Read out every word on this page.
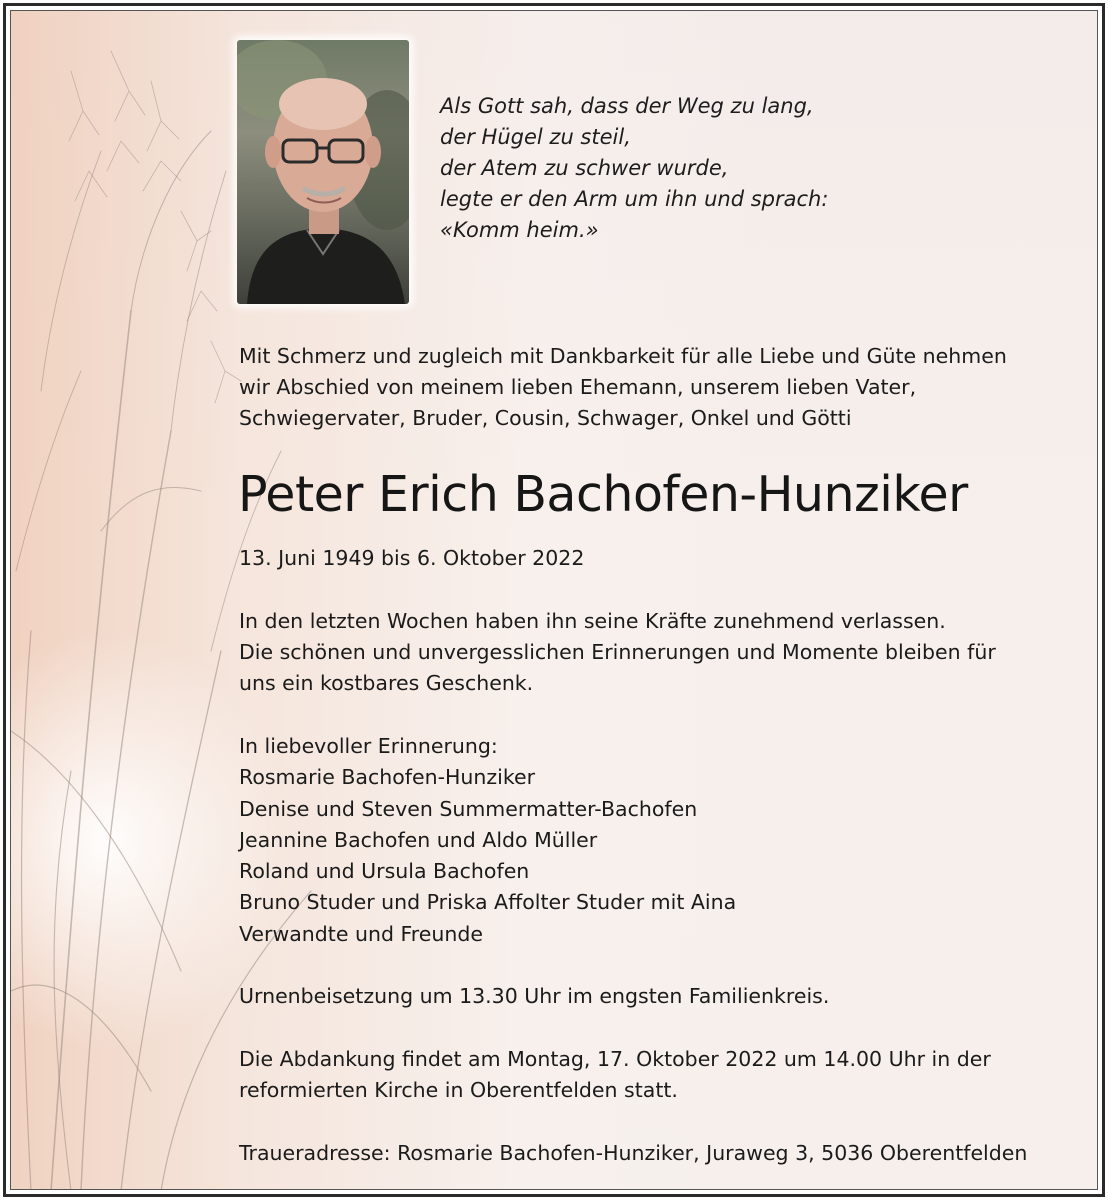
Als Gott sah, dass der Weg zu lang,
der Hügel zu steil,
der Atem zu schwer wurde,
legte er den Arm um ihn und sprach:
«Komm heim.»

Mit Schmerz und zugleich mit Dankbarkeit für alle Liebe und Güte nehmen
wir Abschied von meinem lieben Ehemann, unserem lieben Vater,
Schwiegervater, Bruder, Cousin, Schwager, Onkel und Götti

Peter Erich Bachofen-Hunziker

13. Juni 1949 bis 6. Oktober 2022

In den letzten Wochen haben ihn seine Kräfte zunehmend verlassen.
Die schönen und unvergesslichen Erinnerungen und Momente bleiben für
uns ein kostbares Geschenk.

In liebevoller Erinnerung:
Rosmarie Bachofen-Hunziker
Denise und Steven Summermatter-Bachofen
Jeannine Bachofen und Aldo Müller
Roland und Ursula Bachofen
Bruno Studer und Priska Affolter Studer mit Aina
Verwandte und Freunde

Urnenbeisetzung um 13.30 Uhr im engsten Familienkreis.

Die Abdankung findet am Montag, 17. Oktober 2022 um 14.00 Uhr in der
reformierten Kirche in Oberentfelden statt.

Traueradresse: Rosmarie Bachofen-Hunziker, Juraweg 3, 5036 Oberentfelden
